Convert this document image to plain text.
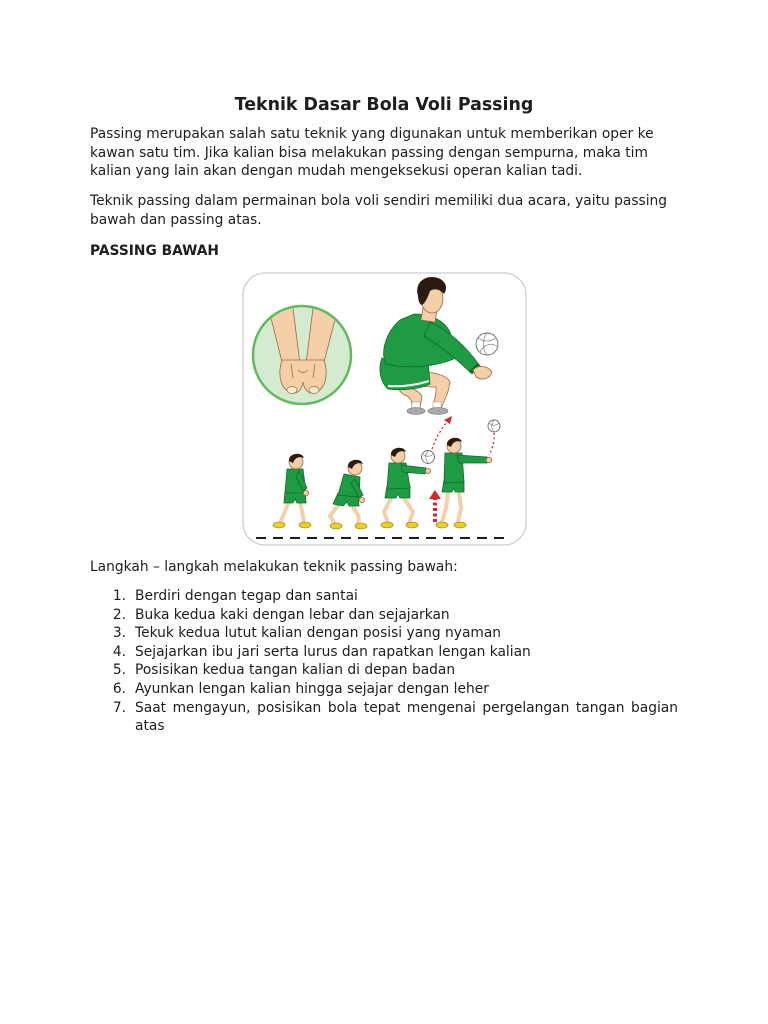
Teknik Dasar Bola Voli Passing
Passing merupakan salah satu teknik yang digunakan untuk memberikan oper ke
kawan satu tim. Jika kalian bisa melakukan passing dengan sempurna, maka tim
kalian yang lain akan dengan mudah mengeksekusi operan kalian tadi.
Teknik passing dalam permainan bola voli sendiri memiliki dua acara, yaitu passing
bawah dan passing atas.
PASSING BAWAH
Langkah – langkah melakukan teknik passing bawah:
1. Berdiri dengan tegap dan santai
2. Buka kedua kaki dengan lebar dan sejajarkan
3. Tekuk kedua lutut kalian dengan posisi yang nyaman
4. Sejajarkan ibu jari serta lurus dan rapatkan lengan kalian
5. Posisikan kedua tangan kalian di depan badan
6. Ayunkan lengan kalian hingga sejajar dengan leher
7. Saat mengayun, posisikan bola tepat mengenai pergelangan tangan bagian
atas
